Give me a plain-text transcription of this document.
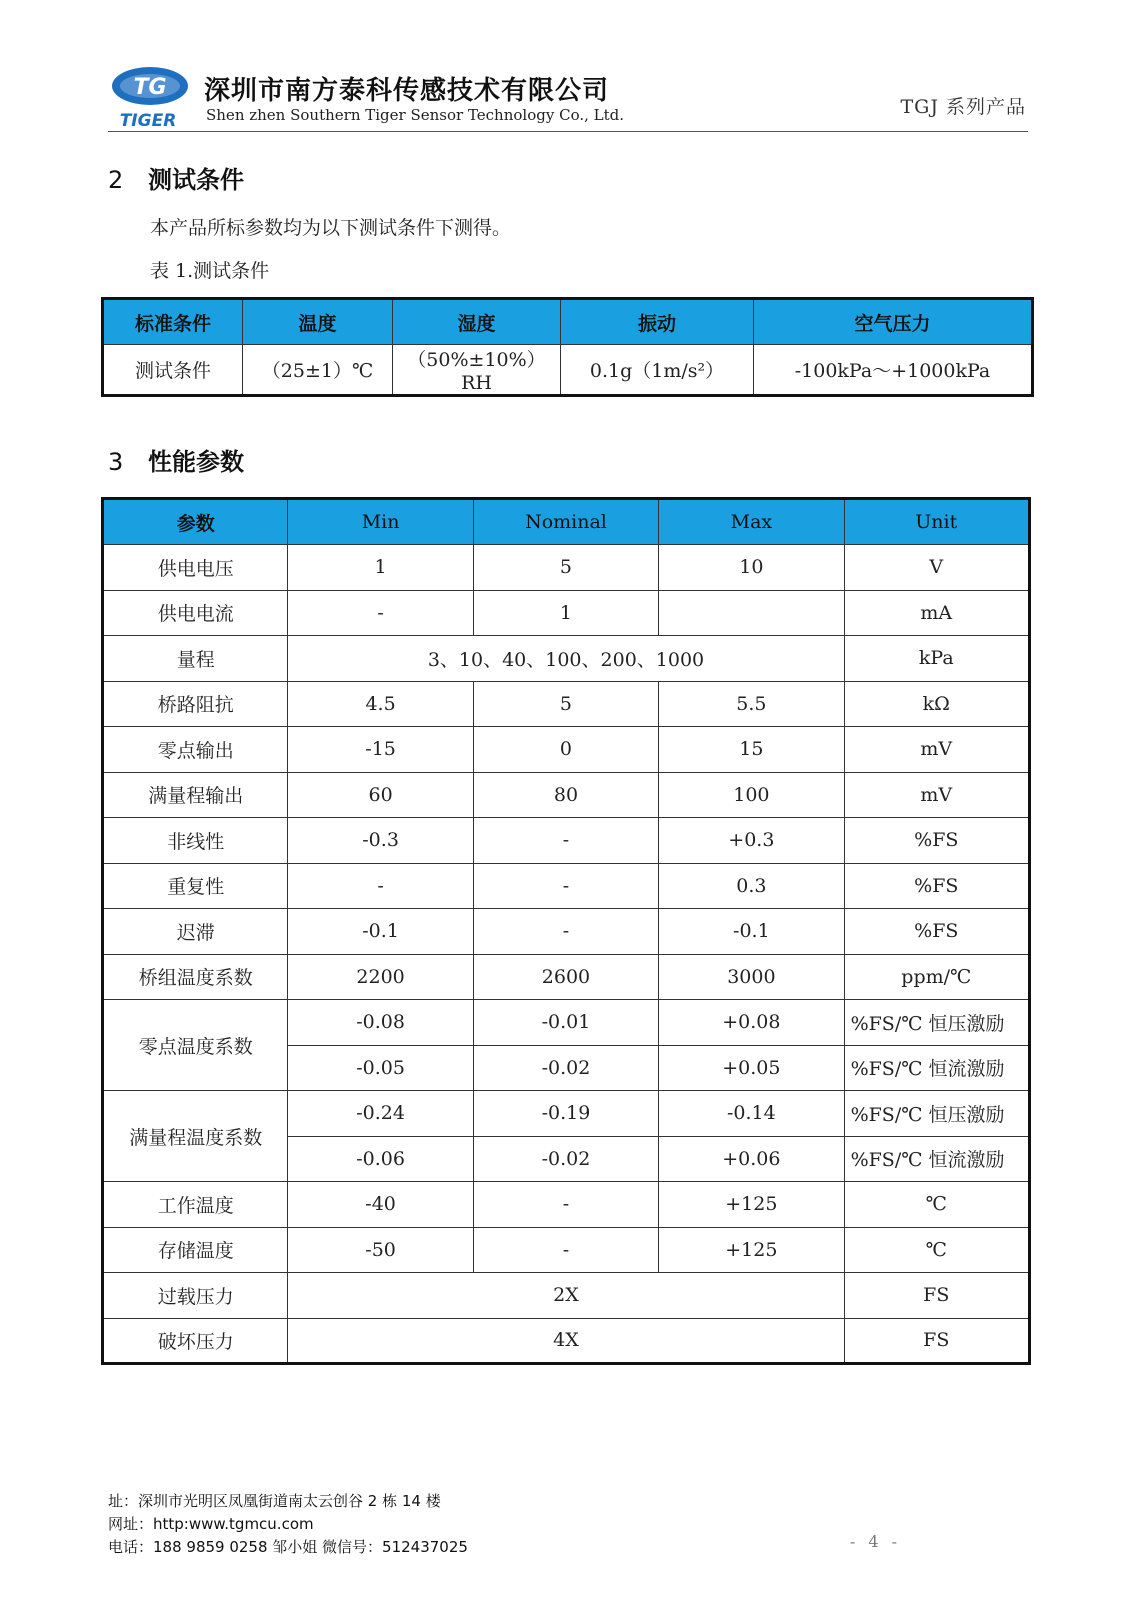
TG
TIGER
深圳市南方泰科传感技术有限公司
Shen zhen Southern Tiger Sensor Technology Co., Ltd.	TGJ 系列产品
2 测试条件
本产品所标参数均为以下测试条件下测得。
表 1.测试条件
标准条件	温度	湿度	振动	空气压力
测试条件	（25±1）℃	（50%±10%）RH	0.1g（1m/s²）	-100kPa～+1000kPa
3 性能参数
参数	Min	Nominal	Max	Unit
供电电压	1	5	10	V
供电电流	-	1		mA
量程	3、10、40、100、200、1000			kPa
桥路阻抗	4.5	5	5.5	kΩ
零点输出	-15	0	15	mV
满量程输出	60	80	100	mV
非线性	-0.3	-	+0.3	%FS
重复性	-	-	0.3	%FS
迟滞	-0.1	-	-0.1	%FS
桥组温度系数	2200	2600	3000	ppm/℃
零点温度系数	-0.08	-0.01	+0.08	%FS/℃ 恒压激励
	-0.05	-0.02	+0.05	%FS/℃ 恒流激励
满量程温度系数	-0.24	-0.19	-0.14	%FS/℃ 恒压激励
	-0.06	-0.02	+0.06	%FS/℃ 恒流激励
工作温度	-40	-	+125	℃
存储温度	-50	-	+125	℃
过载压力	2X			FS
破坏压力	4X			FS
址：深圳市光明区凤凰街道南太云创谷 2 栋 14 楼
网址：http:www.tgmcu.com
电话：188 9859 0258 邹小姐 微信号：512437025	- 4 -
